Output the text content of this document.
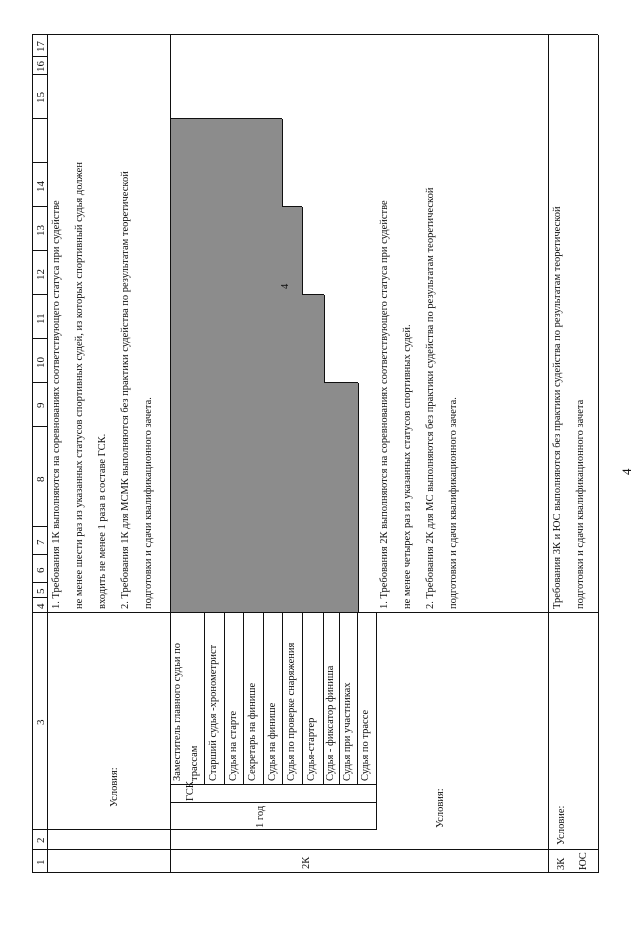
4
1
2
3
4
5
6
7
8
9
10
11
12
13
14
15
16
17
Условия:
1. Требования 1К выполняются на соревнованиях соответствующего статуса при судействе не менее шести раз из указанных статусов спортивных судей, из которых спортивный судья должен входить не менее 1 раза в составе ГСК. 2. Требования 1К для МСМК выполняются без практики судейства по результатам теоретической подготовки и сдачи квалификационного зачета.
2К
1 год
ГСК
Заместитель главного судьи по трассам Старший судья -хронометрист Судья на старте Секретарь на финише Судья на финише Судья по проверке снаряжения Судья-стартер Судья - фиксатор финиша Судья при участниках Судья по трассе
4
Условия:
1. Требования 2К выполняются на соревнованиях соответствующего статуса при судействе не менее четырех раз из указанных статусов спортивных судей. 2. Требования 2К для МС выполняются без практики судейства по результатам теоретической подготовки и сдачи квалификационного зачета.
3К ЮС
Условие:
Требования 3К и ЮС выполняются без практики судейства по результатам теоретической подготовки и сдачи квалификационного зачета
